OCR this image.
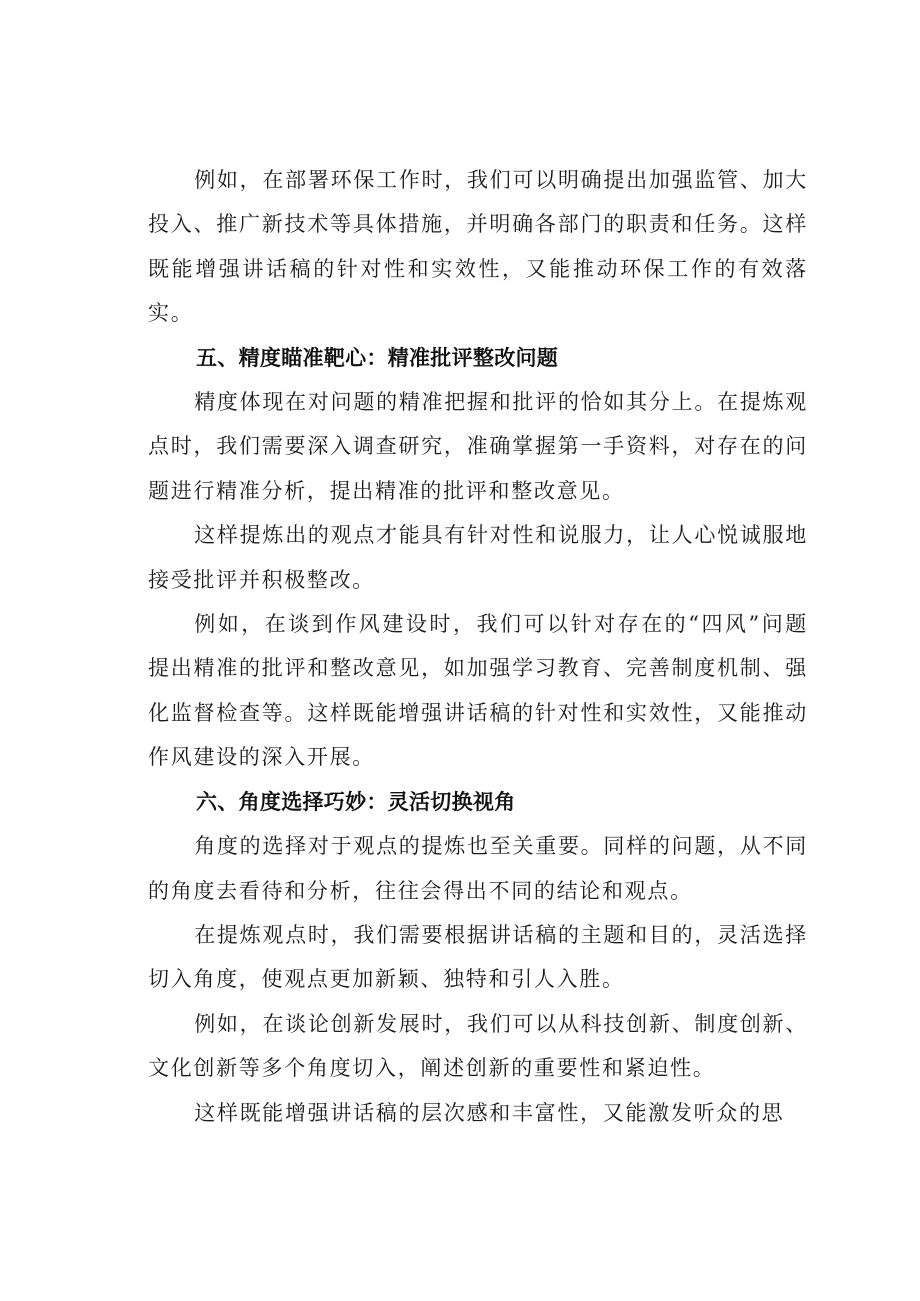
例如，在部署环保工作时，我们可以明确提出加强监管、加大投入、推广新技术等具体措施，并明确各部门的职责和任务。这样既能增强讲话稿的针对性和实效性，又能推动环保工作的有效落实。

五、精度瞄准靶心：精准批评整改问题

精度体现在对问题的精准把握和批评的恰如其分上。在提炼观点时，我们需要深入调查研究，准确掌握第一手资料，对存在的问题进行精准分析，提出精准的批评和整改意见。

这样提炼出的观点才能具有针对性和说服力，让人心悦诚服地接受批评并积极整改。

例如，在谈到作风建设时，我们可以针对存在的“四风”问题提出精准的批评和整改意见，如加强学习教育、完善制度机制、强化监督检查等。这样既能增强讲话稿的针对性和实效性，又能推动作风建设的深入开展。

六、角度选择巧妙：灵活切换视角

角度的选择对于观点的提炼也至关重要。同样的问题，从不同的角度去看待和分析，往往会得出不同的结论和观点。

在提炼观点时，我们需要根据讲话稿的主题和目的，灵活选择切入角度，使观点更加新颖、独特和引人入胜。

例如，在谈论创新发展时，我们可以从科技创新、制度创新、文化创新等多个角度切入，阐述创新的重要性和紧迫性。

这样既能增强讲话稿的层次感和丰富性，又能激发听众的思
